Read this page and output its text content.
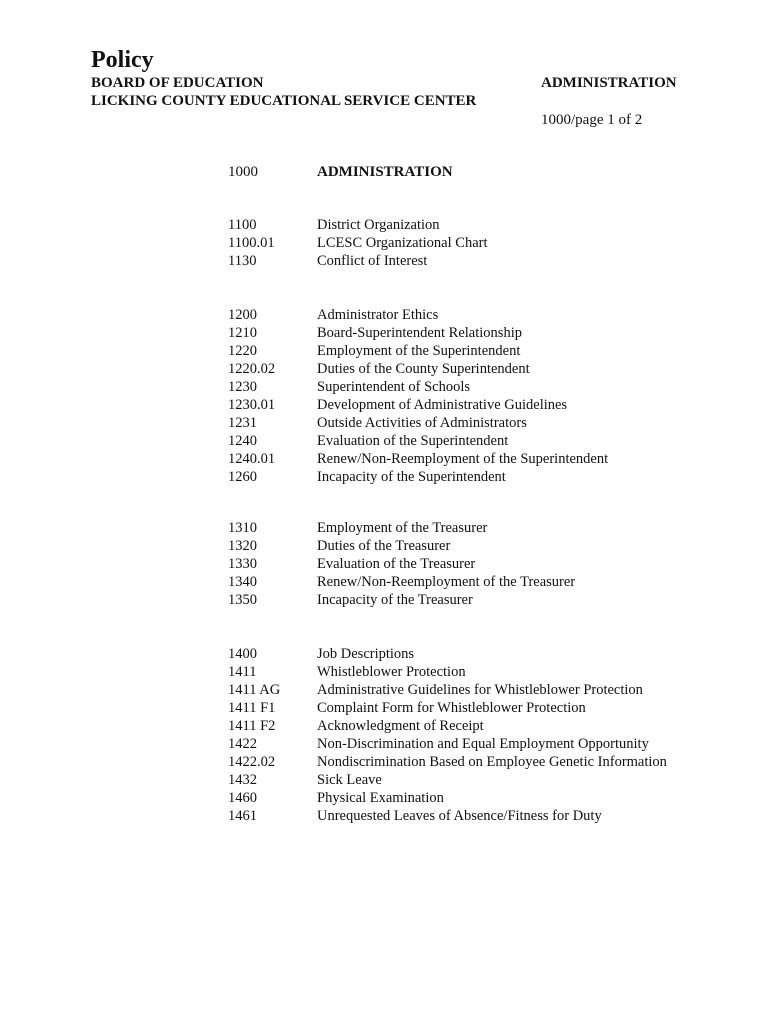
Policy
BOARD OF EDUCATION
LICKING COUNTY EDUCATIONAL SERVICE CENTER
ADMINISTRATION
1000/page 1 of 2
1000	ADMINISTRATION
1100	District Organization
1100.01	LCESC Organizational Chart
1130	Conflict of Interest
1200	Administrator Ethics
1210	Board-Superintendent Relationship
1220	Employment of the Superintendent
1220.02	Duties of the County Superintendent
1230	Superintendent of Schools
1230.01	Development of Administrative Guidelines
1231	Outside Activities of Administrators
1240	Evaluation of the Superintendent
1240.01	Renew/Non-Reemployment of the Superintendent
1260	Incapacity of the Superintendent
1310	Employment of the Treasurer
1320	Duties of the Treasurer
1330	Evaluation of the Treasurer
1340	Renew/Non-Reemployment of the Treasurer
1350	Incapacity of the Treasurer
1400	Job Descriptions
1411	Whistleblower Protection
1411 AG	Administrative Guidelines for Whistleblower Protection
1411 F1	Complaint Form for Whistleblower Protection
1411 F2	Acknowledgment of Receipt
1422	Non-Discrimination and Equal Employment Opportunity
1422.02	Nondiscrimination Based on Employee Genetic Information
1432	Sick Leave
1460	Physical Examination
1461	Unrequested Leaves of Absence/Fitness for Duty
